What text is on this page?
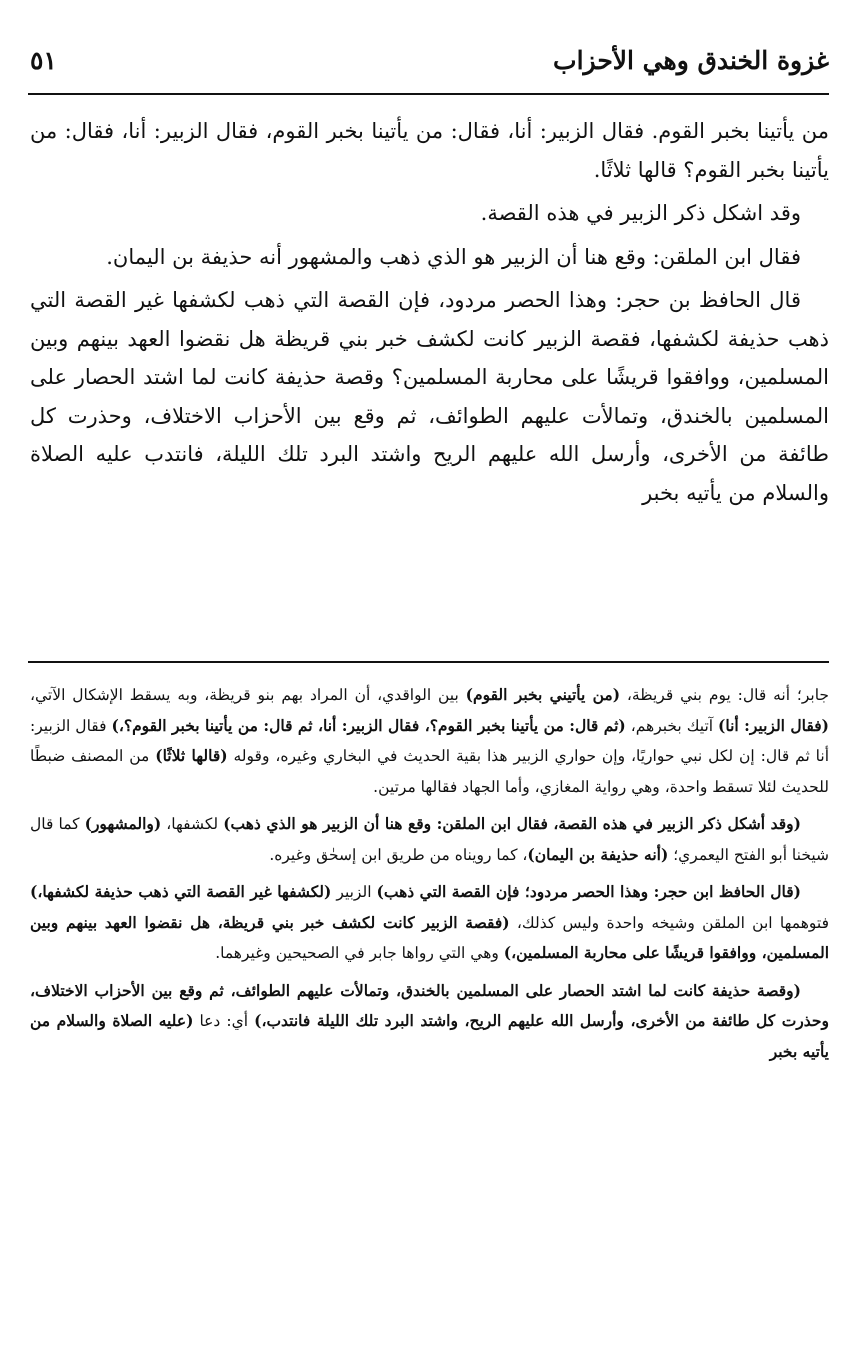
غزوة الخندق وهي الأحزاب
٥١

من يأتينا بخبر القوم. فقال الزبير: أنا، فقال: من يأتينا بخبر القوم، فقال الزبير: أنا، فقال: من يأتينا بخبر القوم؟ قالها ثلاثًا.

وقد اشكل ذكر الزبير في هذه القصة.

فقال ابن الملقن: وقع هنا أن الزبير هو الذي ذهب والمشهور أنه حذيفة بن اليمان.

قال الحافظ بن حجر: وهذا الحصر مردود، فإن القصة التي ذهب لكشفها غير القصة التي ذهب حذيفة لكشفها، فقصة الزبير كانت لكشف خبر بني قريظة هل نقضوا العهد بينهم وبين المسلمين، ووافقوا قريشًا على محاربة المسلمين؟ وقصة حذيفة كانت لما اشتد الحصار على المسلمين بالخندق، وتمالأت عليهم الطوائف، ثم وقع بين الأحزاب الاختلاف، وحذرت كل طائفة من الأخرى، وأرسل الله عليهم الريح واشتد البرد تلك الليلة، فانتدب عليه الصلاة والسلام من يأتيه بخبر

جابر؛ أنه قال: يوم بني قريظة، (من يأتيني بخبر القوم) بين الواقدي، أن المراد بهم بنو قريظة، وبه يسقط الإشكال الآتي، (فقال الزبير: أنا) آتيك بخبرهم، (ثم قال: من يأتينا بخبر القوم؟، فقال الزبير: أنا، ثم قال: من يأتينا بخبر القوم؟،) فقال الزبير: أنا ثم قال: إن لكل نبي حواريًا، وإن حواري الزبير هذا بقية الحديث في البخاري وغيره، وقوله (قالها ثلاثًا) من المصنف ضبطًا للحديث لئلا تسقط واحدة، وهي رواية المغازي، وأما الجهاد فقالها مرتين.

(وقد أشكل ذكر الزبير في هذه القصة، فقال ابن الملقن: وقع هنا أن الزبير هو الذي ذهب) لكشفها، (والمشهور) كما قال شيخنا أبو الفتح اليعمري؛ (أنه حذيفة بن اليمان)، كما رويناه من طريق ابن إسحٰق وغيره.

(قال الحافظ ابن حجر: وهذا الحصر مردود؛ فإن القصة التي ذهب) الزبير (لكشفها غير القصة التي ذهب حذيفة لكشفها،) فتوهمها ابن الملقن وشيخه واحدة وليس كذلك، (فقصة الزبير كانت لكشف خبر بني قريظة، هل نقضوا العهد بينهم وبين المسلمين، ووافقوا قريشًا على محاربة المسلمين،) وهي التي رواها جابر في الصحيحين وغيرهما.

(وقصة حذيفة كانت لما اشتد الحصار على المسلمين بالخندق، وتمالأت عليهم الطوائف، ثم وقع بين الأحزاب الاختلاف، وحذرت كل طائفة من الأخرى، وأرسل الله عليهم الريح، واشتد البرد تلك الليلة فانتدب،) أي: دعا (عليه الصلاة والسلام من يأتيه بخبر
